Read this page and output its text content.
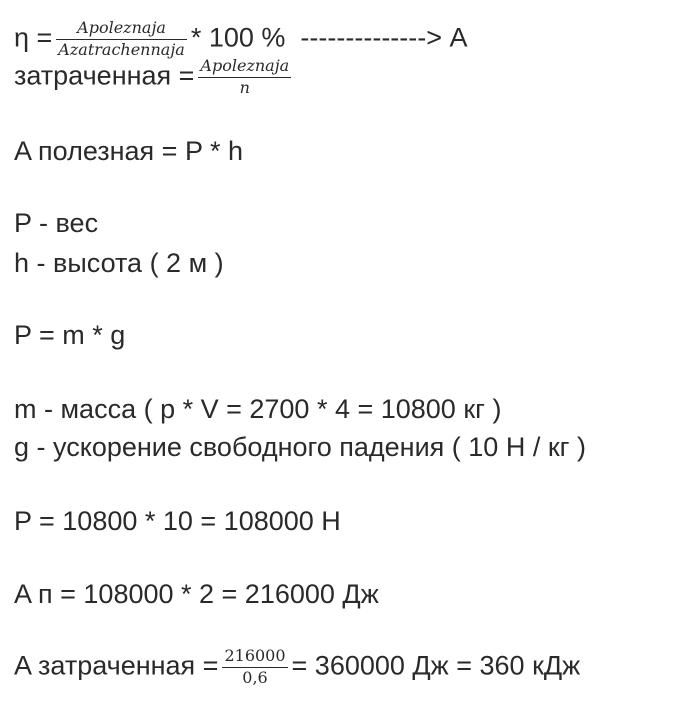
$\eta = \frac{\text{Apoleznaja}}{\text{Azatrachennaja}} * 100$ %  --------------> A
затраченная = $\frac{\text{Apoleznaja}}{n}$
A полезная = P * h
P - вес
h - высота ( 2 м )
P = m * g
m - масса ( p * V = 2700 * 4 = 10800 кг )
g - ускорение свободного падения ( 10 Н / кг )
P = 10800 * 10 = 108000 Н
A п = 108000 * 2 = 216000 Дж
A затраченная = $\frac{216000}{0,6} = 360000$ Дж = 360 кДж
